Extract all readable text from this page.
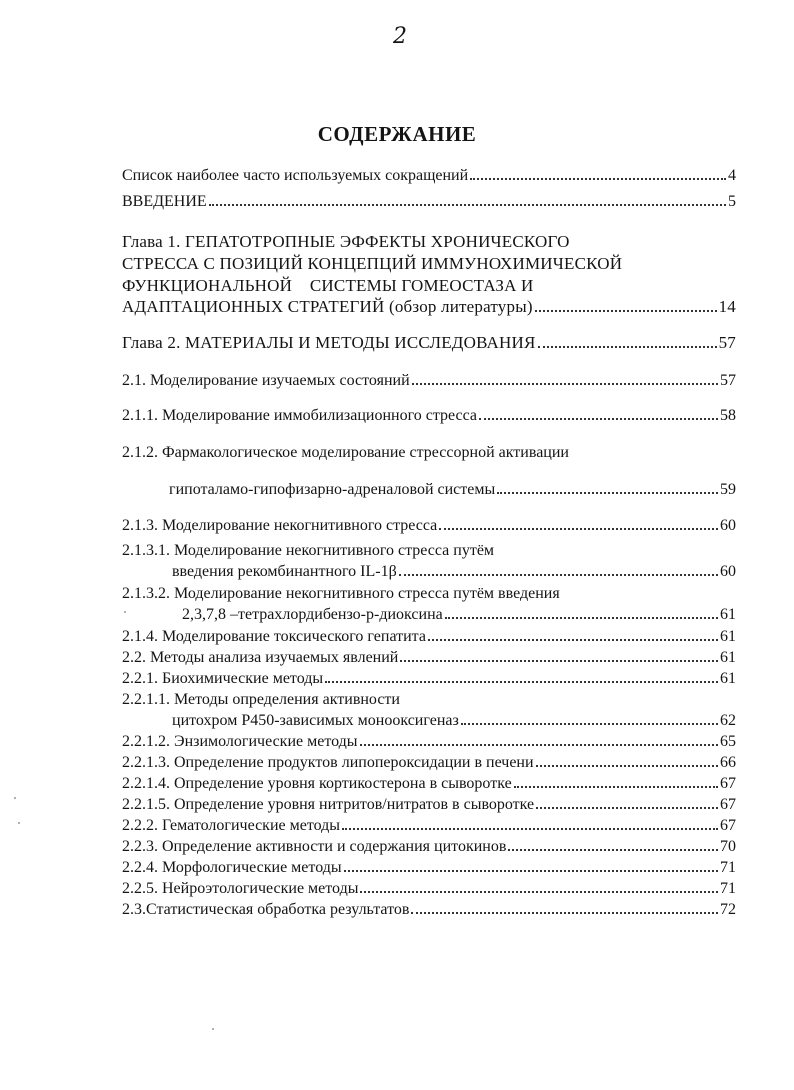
2
СОДЕРЖАНИЕ
Список наиболее часто используемых сокращений	4
ВВЕДЕНИЕ	5
Глава 1. ГЕПАТОТРОПНЫЕ ЭФФЕКТЫ ХРОНИЧЕСКОГО
СТРЕССА С ПОЗИЦИЙ КОНЦЕПЦИЙ ИММУНОХИМИЧЕСКОЙ
ФУНКЦИОНАЛЬНОЙ    СИСТЕМЫ ГОМЕОСТАЗА И
АДАПТАЦИОННЫХ СТРАТЕГИЙ (обзор литературы)	14
Глава 2. МАТЕРИАЛЫ И МЕТОДЫ ИССЛЕДОВАНИЯ	57
2.1. Моделирование изучаемых состояний	57
2.1.1. Моделирование иммобилизационного стресса	58
2.1.2. Фармакологическое моделирование стрессорной активации
гипоталамо-гипофизарно-адреналовой системы	59
2.1.3. Моделирование некогнитивного стресса	60
2.1.3.1. Моделирование некогнитивного стресса путём
введения рекомбинантного IL-1β	60
2.1.3.2. Моделирование некогнитивного стресса путём введения
2,3,7,8 –тетрахлордибензо-р-диоксина	61
2.1.4. Моделирование токсического гепатита	61
2.2. Методы анализа изучаемых явлений	61
2.2.1. Биохимические методы	61
2.2.1.1. Методы определения активности
цитохром Р450-зависимых монооксигеназ	62
2.2.1.2. Энзимологические методы	65
2.2.1.3. Определение продуктов липопероксидации в печени	66
2.2.1.4. Определение уровня кортикостерона в сыворотке	67
2.2.1.5. Определение уровня нитритов/нитратов в сыворотке	67
2.2.2. Гематологические методы	67
2.2.3. Определение активности и содержания цитокинов	70
2.2.4. Морфологические методы	71
2.2.5. Нейроэтологические методы	71
2.3.Статистическая обработка результатов	72
